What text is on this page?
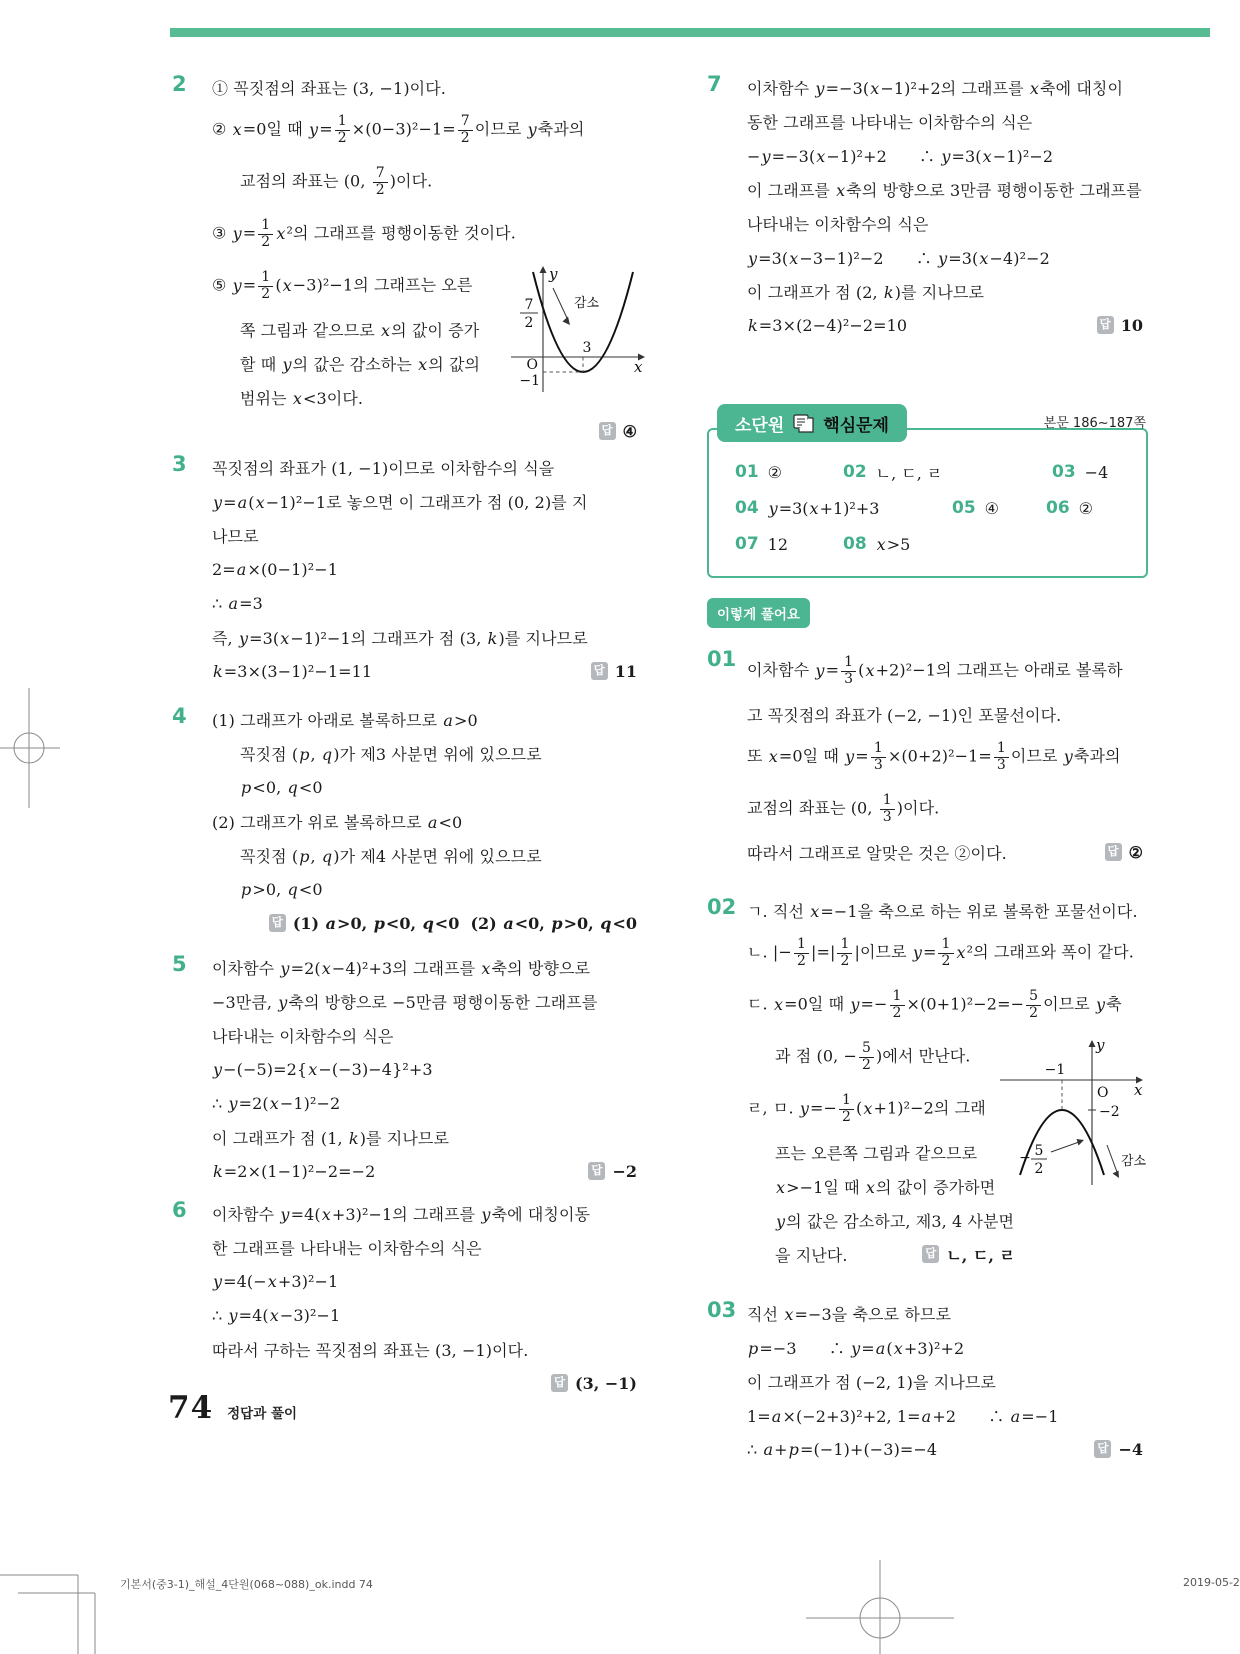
2	① 꼭짓점의 좌표는 (3, −1)이다.
② x=0일 때 $y= \frac{1}{2} \times(0-3)^2-1= \frac{7}{2}$ 이므로 y축과의
교점의 좌표는 (0, $\frac{7}{2}$ )이다.
③ $y= \frac{1}{2} x^2$의 그래프를 평행이동한 것이다.
⑤ $y= \frac{1}{2} (x-3)^2-1$의 그래프는 오른
쪽 그림과 같으므로 x의 값이 증가
할 때 y의 값은 감소하는 x의 값의
범위는 x<3이다.
답 ④
y
x
O
3
−1
7
2
감소
3	꼭짓점의 좌표가 (1, −1)이므로 이차함수의 식을
y=a(x−1)²−1로 놓으면 이 그래프가 점 (0, 2)를 지
나므로
2=a×(0−1)²−1
∴ a=3
즉, y=3(x−1)²−1의 그래프가 점 (3, k)를 지나므로
k=3×(3−1)²−1=11	답 11
4	(1) 그래프가 아래로 볼록하므로 a>0
꼭짓점 (p, q)가 제3 사분면 위에 있으므로
p<0, q<0
(2) 그래프가 위로 볼록하므로 a<0
꼭짓점 (p, q)가 제4 사분면 위에 있으므로
p>0, q<0
답 (1) a>0, p<0, q<0  (2) a<0, p>0, q<0
5	이차함수 y=2(x−4)²+3의 그래프를 x축의 방향으로
−3만큼, y축의 방향으로 −5만큼 평행이동한 그래프를
나타내는 이차함수의 식은
y−(−5)=2{x−(−3)−4}²+3
∴ y=2(x−1)²−2
이 그래프가 점 (1, k)를 지나므로
k=2×(1−1)²−2=−2	답 −2
6	이차함수 y=4(x+3)²−1의 그래프를 y축에 대칭이동
한 그래프를 나타내는 이차함수의 식은
y=4(−x+3)²−1
∴ y=4(x−3)²−1
따라서 구하는 꼭짓점의 좌표는 (3, −1)이다.
답 (3, −1)
7	이차함수 y=−3(x−1)²+2의 그래프를 x축에 대칭이
동한 그래프를 나타내는 이차함수의 식은
−y=−3(x−1)²+2　　∴ y=3(x−1)²−2
이 그래프를 x축의 방향으로 3만큼 평행이동한 그래프를
나타내는 이차함수의 식은
y=3(x−3−1)²−2　　∴ y=3(x−4)²−2
이 그래프가 점 (2, k)를 지나므로
k=3×(2−4)²−2=10	답 10
소단원 핵심문제	본문 186~187쪽
01 ②	02 ㄴ, ㄷ, ㄹ	03 −4
04 y=3(x+1)²+3	05 ④	06 ②
07 12	08 x>5
이렇게 풀어요
01 이차함수 $y= \frac{1}{3} (x+2)^2-1$의 그래프는 아래로 볼록하
고 꼭짓점의 좌표가 (−2, −1)인 포물선이다.
또 x=0일 때 $y= \frac{1}{3} \times(0+2)^2-1= \frac{1}{3}$ 이므로 y축과의
교점의 좌표는 (0, $\frac{1}{3}$ )이다.
따라서 그래프로 알맞은 것은 ②이다.	답 ②
02 ㄱ. 직선 x=−1을 축으로 하는 위로 볼록한 포물선이다.
ㄴ. |− $\frac{1}{2}$ |=| $\frac{1}{2}$ |이므로 $y= \frac{1}{2} x^2$의 그래프와 폭이 같다.
ㄷ. x=0일 때 $y=- \frac{1}{2} \times(0+1)^2-2=- \frac{5}{2}$ 이므로 y축
과 점 (0, − $\frac{5}{2}$ )에서 만난다.
ㄹ, ㅁ. $y=- \frac{1}{2} (x+1)^2-2$의 그래
프는 오른쪽 그림과 같으므로
x>−1일 때 x의 값이 증가하면
y의 값은 감소하고, 제3, 4 사분면
을 지난다.	답 ㄴ, ㄷ, ㄹ
y
x
O
−1
−2
− 5
2	감소
03 직선 x=−3을 축으로 하므로
p=−3　　∴ y=a(x+3)²+2
이 그래프가 점 (−2, 1)을 지나므로
1=a×(−2+3)²+2, 1=a+2　　∴ a=−1
∴ a+p=(−1)+(−3)=−4	답 −4
74 정답과 풀이
기본서(중3-1)_해설_4단원(068~088)_ok.indd 74	2019-05-2
